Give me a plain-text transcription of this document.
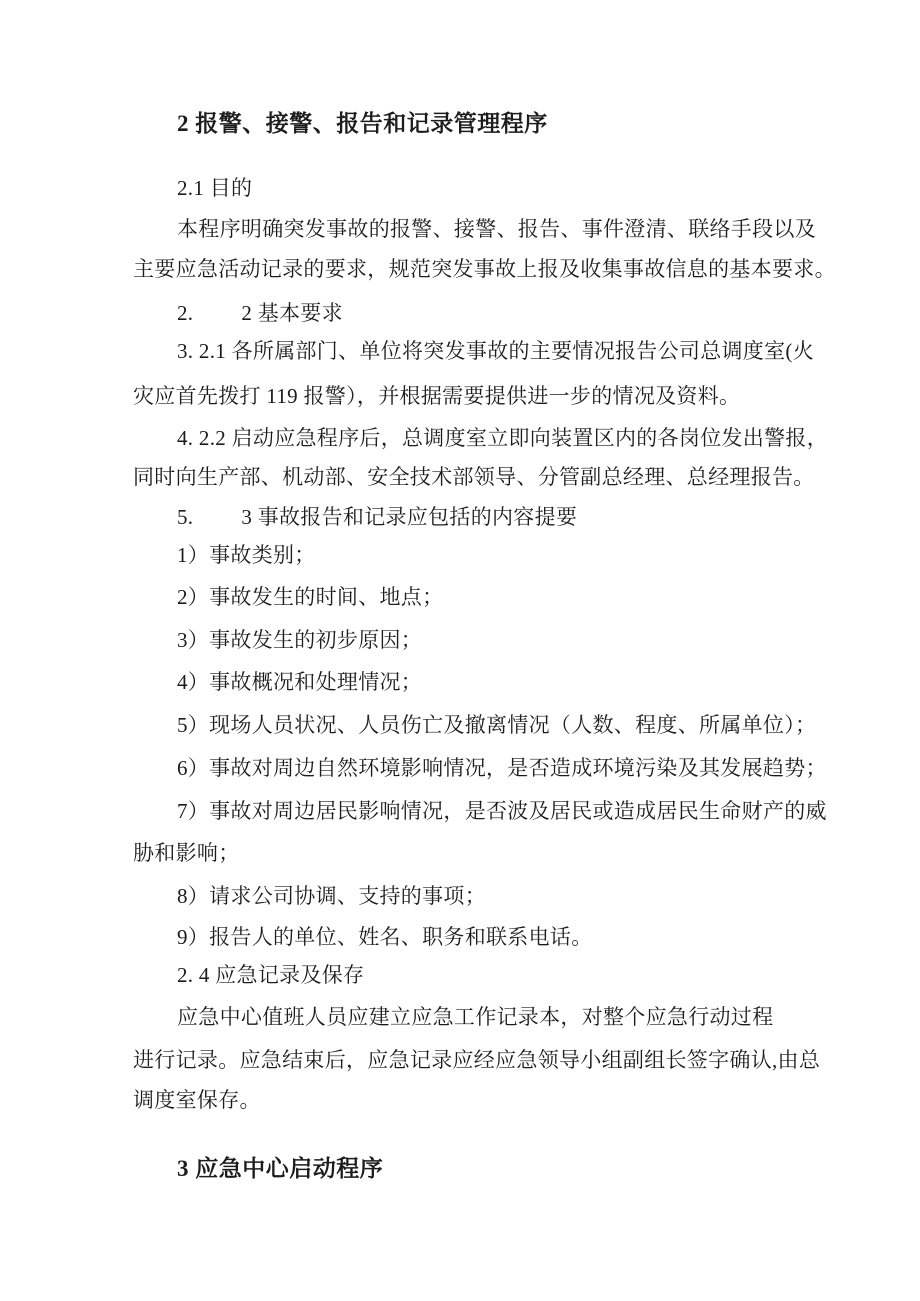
2 报警、接警、报告和记录管理程序
2.1 目的
本程序明确突发事故的报警、接警、报告、事件澄清、联络手段以及
主要应急活动记录的要求，规范突发事故上报及收集事故信息的基本要求。
2. 2 基本要求
3. 2.1 各所属部门、单位将突发事故的主要情况报告公司总调度室(火
灾应首先拨打 119 报警），并根据需要提供进一步的情况及资料。
4. 2.2 启动应急程序后，总调度室立即向装置区内的各岗位发出警报，
同时向生产部、机动部、安全技术部领导、分管副总经理、总经理报告。
5. 3 事故报告和记录应包括的内容提要
1）事故类别；
2）事故发生的时间、地点；
3）事故发生的初步原因；
4）事故概况和处理情况；
5）现场人员状况、人员伤亡及撤离情况（人数、程度、所属单位）；
6）事故对周边自然环境影响情况，是否造成环境污染及其发展趋势；
7）事故对周边居民影响情况，是否波及居民或造成居民生命财产的威
胁和影响；
8）请求公司协调、支持的事项；
9）报告人的单位、姓名、职务和联系电话。
2. 4 应急记录及保存
应急中心值班人员应建立应急工作记录本，对整个应急行动过程
进行记录。应急结束后，应急记录应经应急领导小组副组长签字确认,由总
调度室保存。
3 应急中心启动程序
